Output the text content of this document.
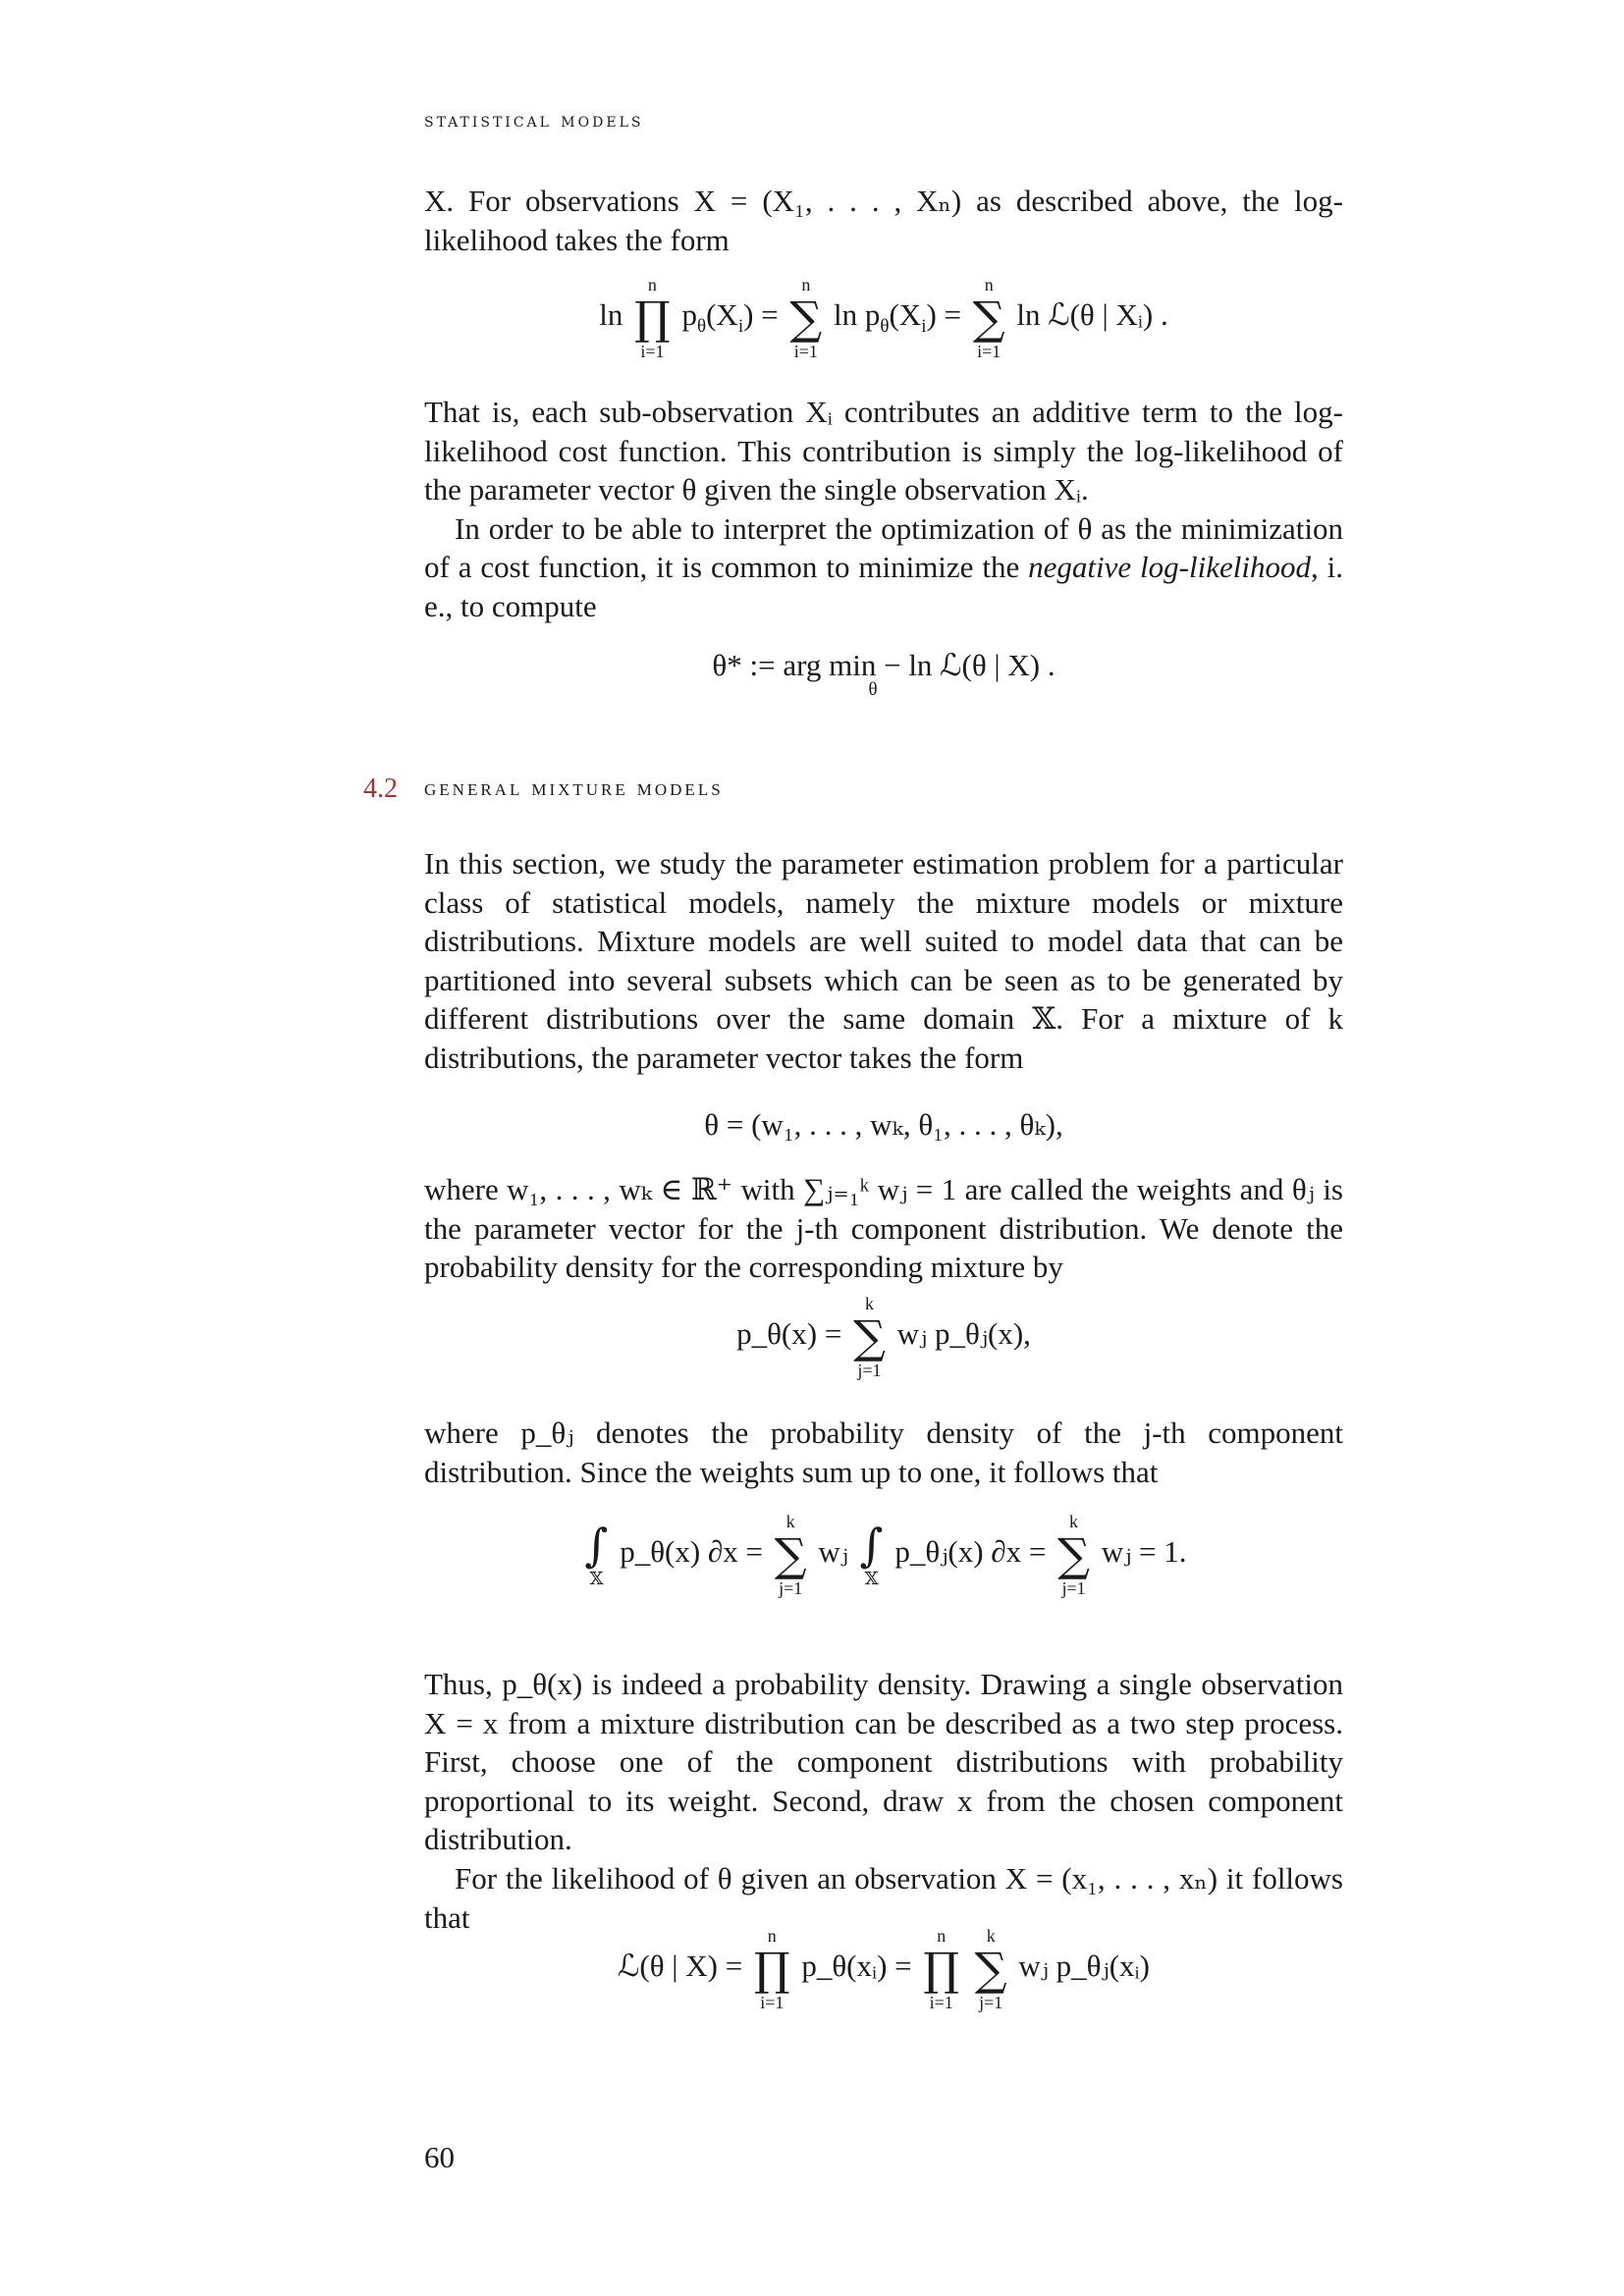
statistical models

X. For observations X = (X₁, . . . , Xₙ) as described above, the log-likelihood takes the form

ln
n
∏
i=1
$p_\theta(X_i)$ =
n
∑
i=1
$\ln p_\theta(X_i)$ =
n
∑
i=1
ln ℒ(θ | Xᵢ) .

That is, each sub-observation Xᵢ contributes an additive term to the log-likelihood cost function. This contribution is simply the log-likelihood of the parameter vector θ given the single observation Xᵢ.

In order to be able to interpret the optimization of θ as the minimization of a cost function, it is common to minimize the negative log-likelihood, i. e., to compute

θ* := arg min − ln ℒ(θ | X) .
θ
4.2 general mixture models

In this section, we study the parameter estimation problem for a particular class of statistical models, namely the mixture models or mixture distributions. Mixture models are well suited to model data that can be partitioned into several subsets which can be seen as to be generated by different distributions over the same domain 𝕏. For a mixture of k distributions, the parameter vector takes the form

θ = (w₁, . . . , wₖ, θ₁, . . . , θₖ),

where w₁, . . . , wₖ ∈ ℝ⁺ with ∑ⱼ₌₁ᵏ wⱼ = 1 are called the weights and θⱼ is the parameter vector for the j-th component distribution. We denote the probability density for the corresponding mixture by

p_θ(x) =
k
∑
j=1
wⱼ p_θⱼ(x),

where p_θⱼ denotes the probability density of the j-th component distribution. Since the weights sum up to one, it follows that

∫
𝕏
p_θ(x) ∂x =
k
∑
j=1
wⱼ ∫
𝕏
p_θⱼ(x) ∂x =
k
∑
j=1
wⱼ = 1.

Thus, p_θ(x) is indeed a probability density. Drawing a single observation X = x from a mixture distribution can be described as a two step process. First, choose one of the component distributions with probability proportional to its weight. Second, draw x from the chosen component distribution.

For the likelihood of θ given an observation X = (x₁, . . . , xₙ) it follows that

ℒ(θ | X) =
n
∏
i=1
p_θ(xᵢ) =
n
∏
i=1

k
∑
j=1
wⱼ p_θⱼ(xᵢ)
60
